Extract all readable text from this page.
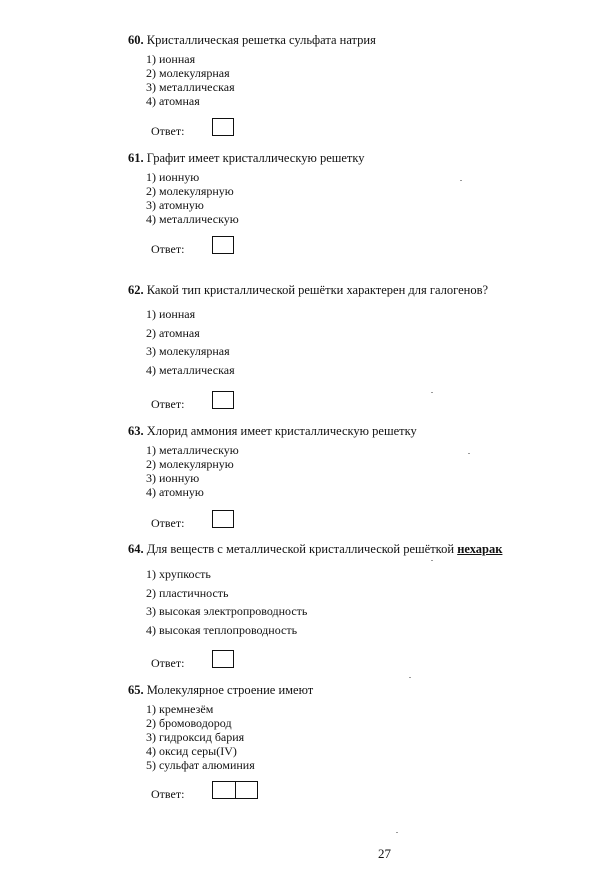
60. Кристаллическая решетка сульфата натрия
1) ионная
2) молекулярная
3) металлическая
4) атомная
Ответ:
61. Графит имеет кристаллическую решетку
1) ионную
2) молекулярную
3) атомную
4) металлическую
Ответ:
62. Какой тип кристаллической решётки характерен для галогенов?
1) ионная
2) атомная
3) молекулярная
4) металлическая
Ответ:
63. Хлорид аммония имеет кристаллическую решетку
1) металлическую
2) молекулярную
3) ионную
4) атомную
Ответ:
64. Для веществ с металлической кристаллической решёткой нехарак
1) хрупкость
2) пластичность
3) высокая электропроводность
4) высокая теплопроводность
Ответ:
65. Молекулярное строение имеют
1) кремнезём
2) бромоводород
3) гидроксид бария
4) оксид серы(IV)
5) сульфат алюминия
Ответ:
27
